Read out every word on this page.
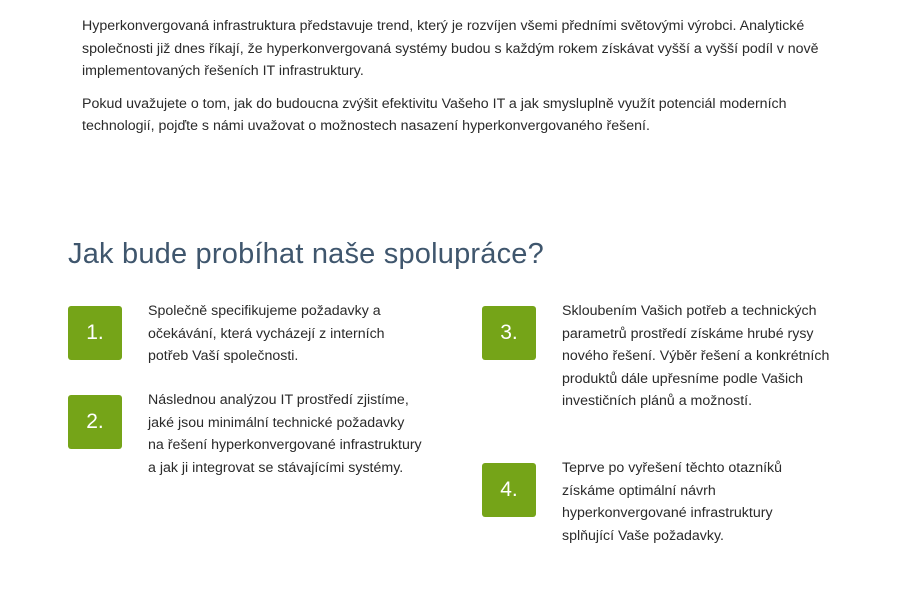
Hyperkonvergovaná infrastruktura představuje trend, který je rozvíjen všemi předními světovými výrobci. Analytické společnosti již dnes říkají, že hyperkonvergovaná systémy budou s každým rokem získávat vyšší a vyšší podíl v nově implementovaných řešeních IT infrastruktury.

Pokud uvažujete o tom, jak do budoucna zvýšit efektivitu Vašeho IT a jak smysluplně využít potenciál moderních technologií, pojďte s námi uvažovat o možnostech nasazení hyperkonvergovaného řešení.

Jak bude probíhat naše spolupráce?
1.

Společně specifikujeme požadavky a očekávání, která vycházejí z interních potřeb Vaší společnosti.

2.

Následnou analýzou IT prostředí zjistíme, jaké jsou minimální technické požadavky na řešení hyperkonvergované infrastruktury a jak ji integrovat se stávajícími systémy.

3.

Skloubením Vašich potřeb a technických parametrů prostředí získáme hrubé rysy nového řešení. Výběr řešení a konkrétních produktů dále upřesníme podle Vašich investičních plánů a možností.

4.

Teprve po vyřešení těchto otazníků získáme optimální návrh hyperkonvergované infrastruktury splňující Vaše požadavky.
